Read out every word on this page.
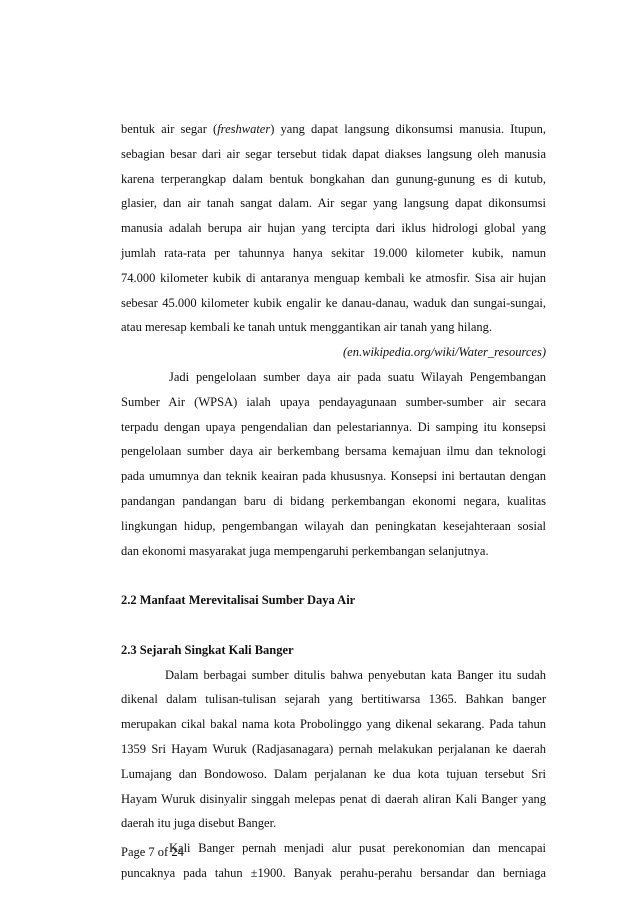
bentuk air segar (freshwater) yang dapat langsung dikonsumsi manusia. Itupun,
sebagian besar dari air segar tersebut tidak dapat diakses langsung oleh manusia
karena terperangkap dalam bentuk bongkahan dan gunung-gunung es di kutub,
glasier, dan air tanah sangat dalam. Air segar yang langsung dapat dikonsumsi
manusia adalah berupa air hujan yang tercipta dari iklus hidrologi global yang
jumlah rata-rata per tahunnya hanya sekitar 19.000 kilometer kubik, namun
74.000 kilometer kubik di antaranya menguap kembali ke atmosfir. Sisa air hujan
sebesar 45.000 kilometer kubik engalir ke danau-danau, waduk dan sungai-sungai,
atau meresap kembali ke tanah untuk menggantikan air tanah yang hilang.
(en.wikipedia.org/wiki/Water_resources)
Jadi pengelolaan sumber daya air pada suatu Wilayah Pengembangan
Sumber Air (WPSA) ialah upaya pendayagunaan sumber-sumber air secara
terpadu dengan upaya pengendalian dan pelestariannya. Di samping itu konsepsi
pengelolaan sumber daya air berkembang bersama kemajuan ilmu dan teknologi
pada umumnya dan teknik keairan pada khususnya. Konsepsi ini bertautan dengan
pandangan pandangan baru di bidang perkembangan ekonomi negara, kualitas
lingkungan hidup, pengembangan wilayah dan peningkatan kesejahteraan sosial
dan ekonomi masyarakat juga mempengaruhi perkembangan selanjutnya.
2.2 Manfaat Merevitalisai Sumber Daya Air
2.3 Sejarah Singkat Kali Banger
Dalam berbagai sumber ditulis bahwa penyebutan kata Banger itu sudah
dikenal dalam tulisan-tulisan sejarah yang bertitiwarsa 1365. Bahkan banger
merupakan cikal bakal nama kota Probolinggo yang dikenal sekarang. Pada tahun
1359 Sri Hayam Wuruk (Radjasanagara) pernah melakukan perjalanan ke daerah
Lumajang dan Bondowoso. Dalam perjalanan ke dua kota tujuan tersebut Sri
Hayam Wuruk disinyalir singgah melepas penat di daerah aliran Kali Banger yang
daerah itu juga disebut Banger.
Kali Banger pernah menjadi alur pusat perekonomian dan mencapai
puncaknya pada tahun ±1900. Banyak perahu-perahu bersandar dan berniaga
Page 7 of 24
